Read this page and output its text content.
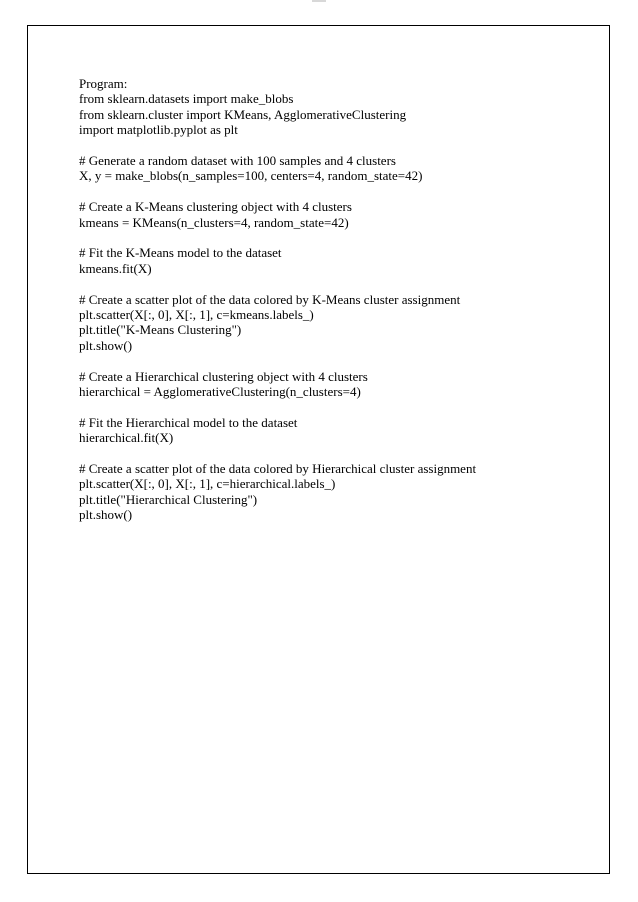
Program:
from sklearn.datasets import make_blobs
from sklearn.cluster import KMeans, AgglomerativeClustering
import matplotlib.pyplot as plt
# Generate a random dataset with 100 samples and 4 clusters
X, y = make_blobs(n_samples=100, centers=4, random_state=42)
# Create a K-Means clustering object with 4 clusters
kmeans = KMeans(n_clusters=4, random_state=42)
# Fit the K-Means model to the dataset
kmeans.fit(X)
# Create a scatter plot of the data colored by K-Means cluster assignment
plt.scatter(X[:, 0], X[:, 1], c=kmeans.labels_)
plt.title("K-Means Clustering")
plt.show()
# Create a Hierarchical clustering object with 4 clusters
hierarchical = AgglomerativeClustering(n_clusters=4)
# Fit the Hierarchical model to the dataset
hierarchical.fit(X)
# Create a scatter plot of the data colored by Hierarchical cluster assignment
plt.scatter(X[:, 0], X[:, 1], c=hierarchical.labels_)
plt.title("Hierarchical Clustering")
plt.show()
